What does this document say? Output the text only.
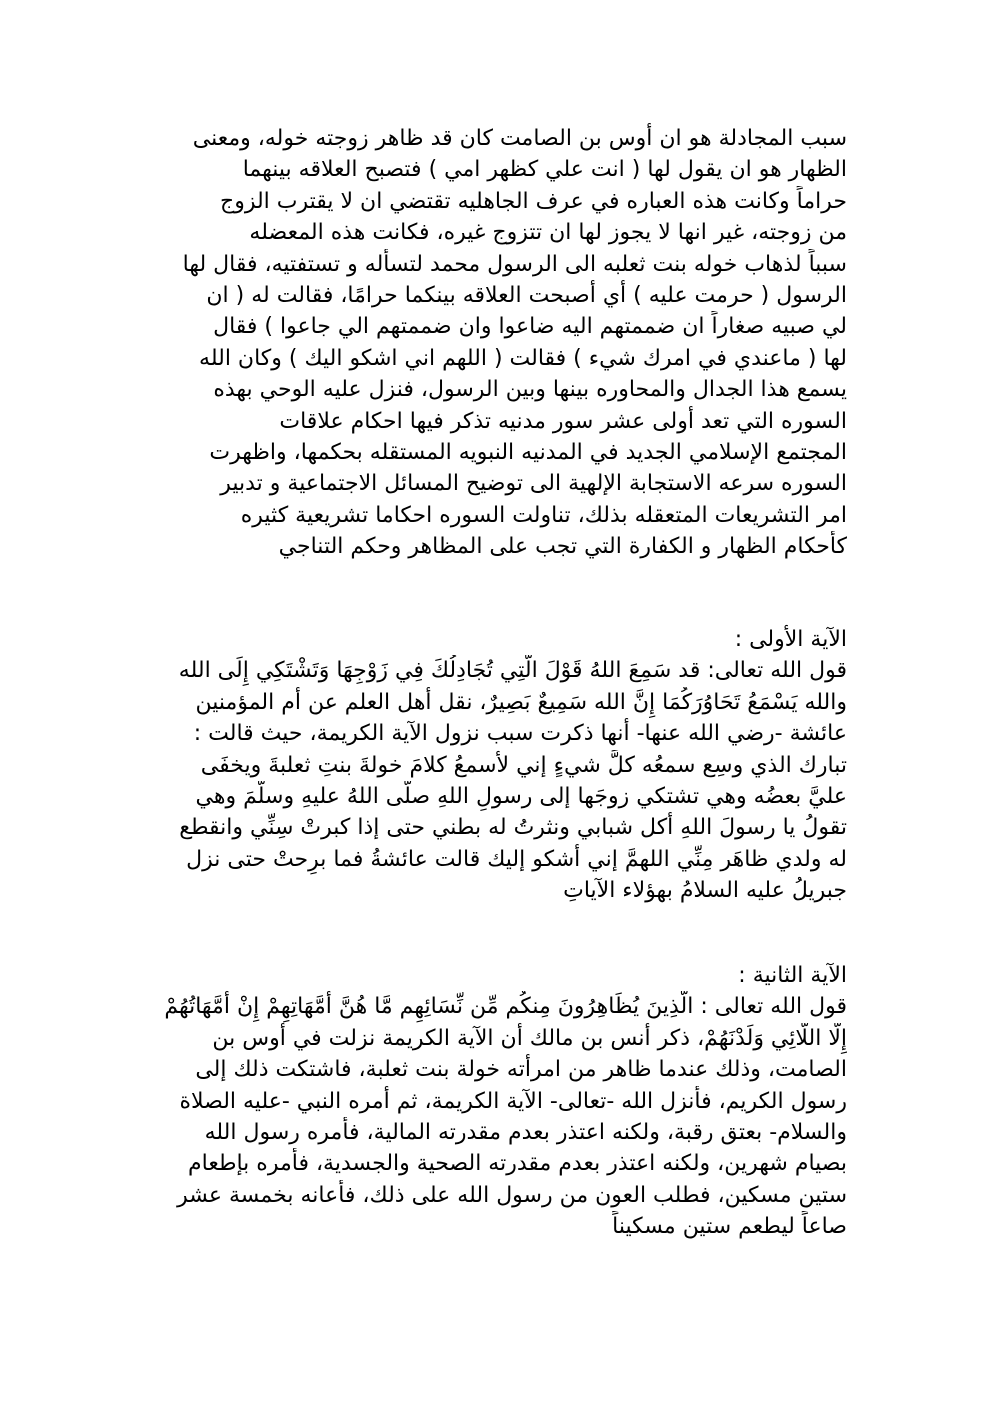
سبب المجادلة هو ان أوس بن الصامت كان قد ظاهر زوجته خوله، ومعنى
الظهار هو ان يقول لها ( انت علي كظهر امي ) فتصبح العلاقه بينهما
حراماً وكانت هذه العباره في عرف الجاهليه تقتضي ان لا يقترب الزوج
من زوجته، غير انها لا يجوز لها ان تتزوج غيره، فكانت هذه المعضله
سبباً لذهاب خوله بنت ثعلبه الى الرسول محمد لتسأله و تستفتيه، فقال لها
الرسول ( حرمت عليه ) أي أصبحت العلاقه بينكما حرامًا، فقالت له ( ان
لي صبيه صغاراً ان ضممتهم اليه ضاعوا وان ضممتهم الي جاعوا ) فقال
لها ( ماعندي في امرك شيء ) فقالت ( اللهم اني اشكو اليك ) وكان الله
يسمع هذا الجدال والمحاوره بينها وبين الرسول، فنزل عليه الوحي بهذه
السوره التي تعد أولى عشر سور مدنيه تذكر فيها احكام علاقات
المجتمع الإسلامي الجديد في المدنيه النبويه المستقله بحكمها، واظهرت
السوره سرعه الاستجابة الإلهية الى توضيح المسائل الاجتماعية و تدبير
امر التشريعات المتعقله بذلك، تناولت السوره احكاما تشريعية كثيره
كأحكام الظهار و الكفارة التي تجب على المظاهر وحكم التناجي
الآية الأولى :
قول الله تعالى: قد سَمِعَ اللهُ قَوْلَ الَّتِي تُجَادِلُكَ فِي زَوْجِهَا وَتَشْتَكِي إِلَى الله
والله يَسْمَعُ تَحَاوُرَكُمَا إِنَّ الله سَمِيعٌ بَصِيرٌ، نقل أهل العلم عن أم المؤمنين
عائشة -رضي الله عنها- أنها ذكرت سبب نزول الآية الكريمة، حيث قالت :
تبارك الذي وسِع سمعُه كلَّ شيءٍ إني لأسمعُ كلامَ خولةَ بنتِ ثعلبةَ ويخفَى
عليَّ بعضُه وهي تشتكي زوجَها إلى رسولِ اللهِ صلَّى اللهُ عليهِ وسلَّمَ وهي
تقولُ يا رسولَ اللهِ أكل شبابي ونثرتُ له بطني حتى إذا كبرتْ سِنِّي وانقطع
له ولدي ظاهَر مِنِّي اللهمَّ إني أشكو إليك قالت عائشةُ فما برِحتْ حتى نزل
جبريلُ عليه السلامُ بهؤلاء الآياتِ
الآية الثانية :
قول الله تعالى : الَّذِينَ يُظَاهِرُونَ مِنكُم مِّن نِّسَائِهِم مَّا هُنَّ أُمَّهَاتِهِمْ إِنْ أُمَّهَاتُهُمْ
إِلَّا اللَّائِي وَلَدْنَهُمْ، ذكر أنس بن مالك أن الآية الكريمة نزلت في أوس بن
الصامت، وذلك عندما ظاهر من امرأته خولة بنت ثعلبة، فاشتكت ذلك إلى
رسول الكريم، فأنزل الله -تعالى- الآية الكريمة، ثم أمره النبي -عليه الصلاة
والسلام- بعتق رقبة، ولكنه اعتذر بعدم مقدرته المالية، فأمره رسول الله
بصيام شهرين، ولكنه اعتذر بعدم مقدرته الصحية والجسدية، فأمره بإطعام
ستين مسكين، فطلب العون من رسول الله على ذلك، فأعانه بخمسة عشر
صاعاً ليطعم ستين مسكيناً
